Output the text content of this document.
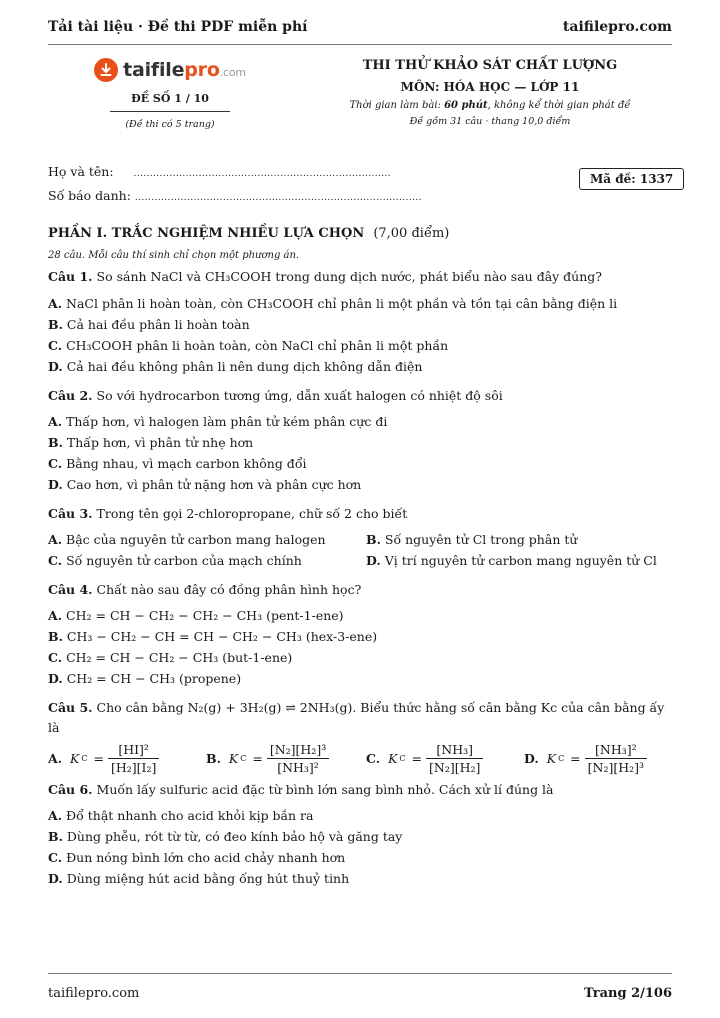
Tải tài liệu · Đề thi PDF miễn phí	taifilepro.com
taifilepro.com
ĐỀ SỐ 1 / 10
(Đề thi có 5 trang)
THI THỬ KHẢO SÁT CHẤT LƯỢNG
MÔN: HÓA HỌC — LỚP 11
Thời gian làm bài: 60 phút, không kể thời gian phát đề
Đề gồm 31 câu · thang 10,0 điểm
Họ và tên: ...............................................................................
Số báo danh: ........................................................................................
Mã đề: 1337
PHẦN I. TRẮC NGHIỆM NHIỀU LỰA CHỌN (7,00 điểm)
28 câu. Mỗi câu thí sinh chỉ chọn một phương án.
Câu 1. So sánh NaCl và CH₃COOH trong dung dịch nước, phát biểu nào sau đây đúng?
A. NaCl phân li hoàn toàn, còn CH₃COOH chỉ phân li một phần và tồn tại cân bằng điện li
B. Cả hai đều phân li hoàn toàn
C. CH₃COOH phân li hoàn toàn, còn NaCl chỉ phân li một phần
D. Cả hai đều không phân li nên dung dịch không dẫn điện
Câu 2. So với hydrocarbon tương ứng, dẫn xuất halogen có nhiệt độ sôi
A. Thấp hơn, vì halogen làm phân tử kém phân cực đi
B. Thấp hơn, vì phân tử nhẹ hơn
C. Bằng nhau, vì mạch carbon không đổi
D. Cao hơn, vì phân tử nặng hơn và phân cực hơn
Câu 3. Trong tên gọi 2-chloropropane, chữ số 2 cho biết
A. Bậc của nguyên tử carbon mang halogen	B. Số nguyên tử Cl trong phân tử
C. Số nguyên tử carbon của mạch chính	D. Vị trí nguyên tử carbon mang nguyên tử Cl
Câu 4. Chất nào sau đây có đồng phân hình học?
A. CH₂ = CH − CH₂ − CH₂ − CH₃ (pent-1-ene)
B. CH₃ − CH₂ − CH = CH − CH₂ − CH₃ (hex-3-ene)
C. CH₂ = CH − CH₂ − CH₃ (but-1-ene)
D. CH₂ = CH − CH₃ (propene)
Câu 5. Cho cân bằng N₂(g) + 3H₂(g) ⇌ 2NH₃(g). Biểu thức hằng số cân bằng Kc của cân bằng ấy là
A.
K $C = \frac{\text{[HI]²}}{\text{[H₂][I₂]}}$	B.
K $C = \frac{\text{[N₂][H₂]³}}{\text{[NH₃]²}}$	C.
K $C = \frac{\text{[NH₃]}}{\text{[N₂][H₂]}}$	D.
K $C = \frac{\text{[NH₃]²}}{\text{[N₂][H₂]³}}$
Câu 6. Muốn lấy sulfuric acid đặc từ bình lớn sang bình nhỏ. Cách xử lí đúng là
A. Đổ thật nhanh cho acid khỏi kịp bắn ra
B. Dùng phễu, rót từ từ, có đeo kính bảo hộ và găng tay
C. Đun nóng bình lớn cho acid chảy nhanh hơn
D. Dùng miệng hút acid bằng ống hút thuỷ tinh
taifilepro.com	Trang 2/106
